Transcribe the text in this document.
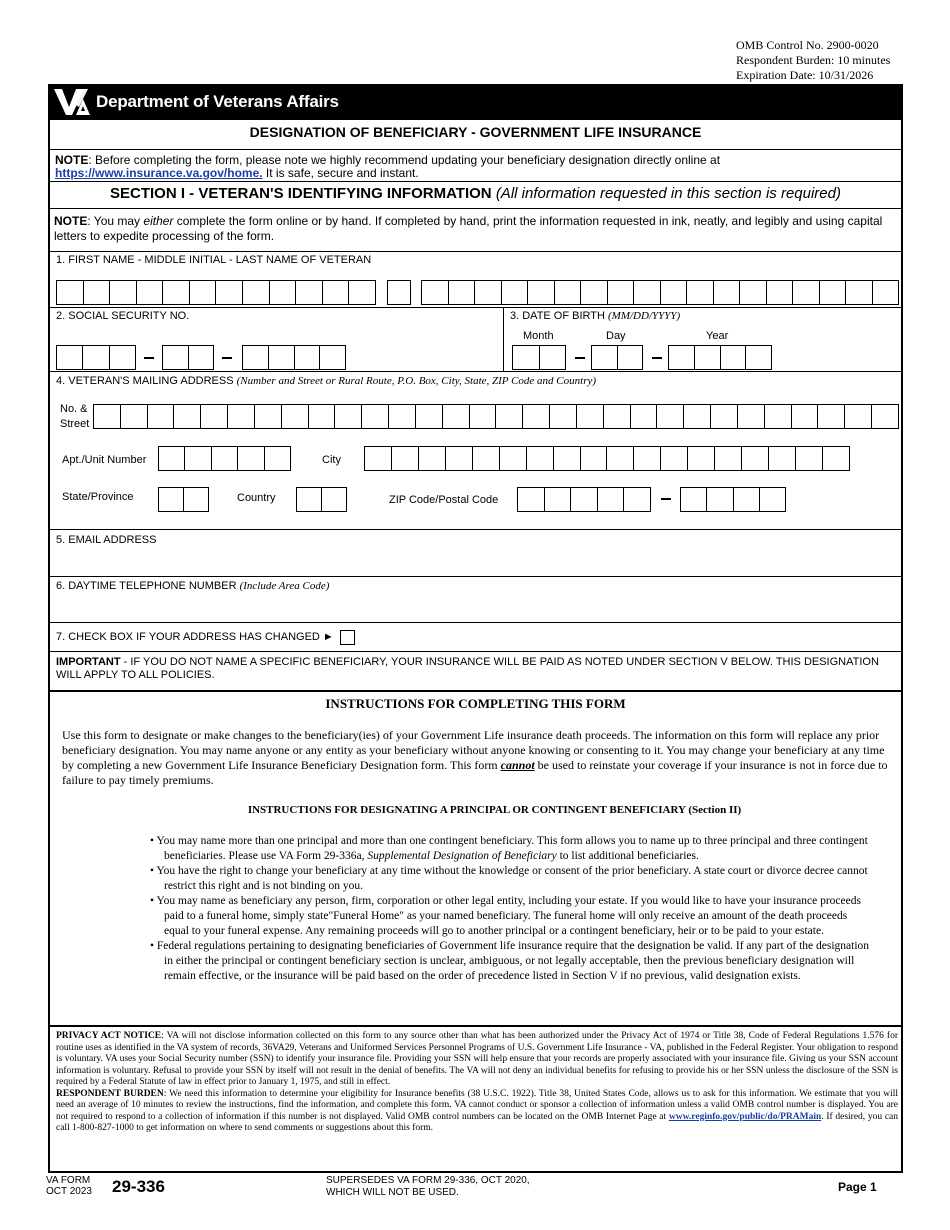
OMB Control No. 2900-0020
Respondent Burden: 10 minutes
Expiration Date: 10/31/2026
Department of Veterans Affairs
DESIGNATION OF BENEFICIARY - GOVERNMENT LIFE INSURANCE
NOTE: Before completing the form, please note we highly recommend updating your beneficiary designation directly online at
https://www.insurance.va.gov/home. It is safe, secure and instant.
SECTION I - VETERAN'S IDENTIFYING INFORMATION (All information requested in this section is required)
NOTE: You may either complete the form online or by hand. If completed by hand, print the information requested in ink, neatly, and legibly and using capital letters to expedite processing of the form.
1. FIRST NAME - MIDDLE INITIAL - LAST NAME OF VETERAN
2. SOCIAL SECURITY NO.	3. DATE OF BIRTH (MM/DD/YYYY)
Month	Day	Year
4. VETERAN'S MAILING ADDRESS (Number and Street or Rural Route, P.O. Box, City, State, ZIP Code and Country)
No. &
Street
Apt./Unit Number	City
State/Province	Country	ZIP Code/Postal Code
5. EMAIL ADDRESS
6. DAYTIME TELEPHONE NUMBER (Include Area Code)
7. CHECK BOX IF YOUR ADDRESS HAS CHANGED ►
IMPORTANT - IF YOU DO NOT NAME A SPECIFIC BENEFICIARY, YOUR INSURANCE WILL BE PAID AS NOTED UNDER SECTION V BELOW. THIS DESIGNATION WILL APPLY TO ALL POLICIES.
INSTRUCTIONS FOR COMPLETING THIS FORM
Use this form to designate or make changes to the beneficiary(ies) of your Government Life insurance death proceeds. The information on this form will replace any prior beneficiary designation. You may name anyone or any entity as your beneficiary without anyone knowing or consenting to it. You may change your beneficiary at any time by completing a new Government Life Insurance Beneficiary Designation form. This form cannot be used to reinstate your coverage if your insurance is not in force due to failure to pay timely premiums.
INSTRUCTIONS FOR DESIGNATING A PRINCIPAL OR CONTINGENT BENEFICIARY (Section II)
• You may name more than one principal and more than one contingent beneficiary. This form allows you to name up to three principal and three contingent beneficiaries. Please use VA Form 29-336a, Supplemental Designation of Beneficiary to list additional beneficiaries.
• You have the right to change your beneficiary at any time without the knowledge or consent of the prior beneficiary. A state court or divorce decree cannot restrict this right and is not binding on you.
• You may name as beneficiary any person, firm, corporation or other legal entity, including your estate. If you would like to have your insurance proceeds paid to a funeral home, simply state"Funeral Home" as your named beneficiary. The funeral home will only receive an amount of the death proceeds equal to your funeral expense. Any remaining proceeds will go to another principal or a contingent beneficiary, heir or to be paid to your estate.
• Federal regulations pertaining to designating beneficiaries of Government life insurance require that the designation be valid. If any part of the designation in either the principal or contingent beneficiary section is unclear, ambiguous, or not legally acceptable, then the previous beneficiary designation will remain effective, or the insurance will be paid based on the order of precedence listed in Section V if no previous, valid designation exists.
PRIVACY ACT NOTICE: VA will not disclose information collected on this form to any source other than what has been authorized under the Privacy Act of 1974 or Title 38, Code of Federal Regulations 1.576 for routine uses as identified in the VA system of records, 36VA29, Veterans and Uniformed Services Personnel Programs of U.S. Government Life Insurance - VA, published in the Federal Register. Your obligation to respond is voluntary. VA uses your Social Security number (SSN) to identify your insurance file. Providing your SSN will help ensure that your records are properly associated with your insurance file. Giving us your SSN account information is voluntary. Refusal to provide your SSN by itself will not result in the denial of benefits. The VA will not deny an individual benefits for refusing to provide his or her SSN unless the disclosure of the SSN is required by a Federal Statute of law in effect prior to January 1, 1975, and still in effect.
RESPONDENT BURDEN: We need this information to determine your eligibility for Insurance benefits (38 U.S.C. 1922). Title 38, United States Code, allows us to ask for this information. We estimate that you will need an average of 10 minutes to review the instructions, find the information, and complete this form. VA cannot conduct or sponsor a collection of information unless a valid OMB control number is displayed. You are not required to respond to a collection of information if this number is not displayed. Valid OMB control numbers can be located on the OMB Internet Page at www.reginfo.gov/public/do/PRAMain. If desired, you can call 1-800-827-1000 to get information on where to send comments or suggestions about this form.
VA FORM
OCT 2023 29-336	SUPERSEDES VA FORM 29-336, OCT 2020,
WHICH WILL NOT BE USED.	Page 1
